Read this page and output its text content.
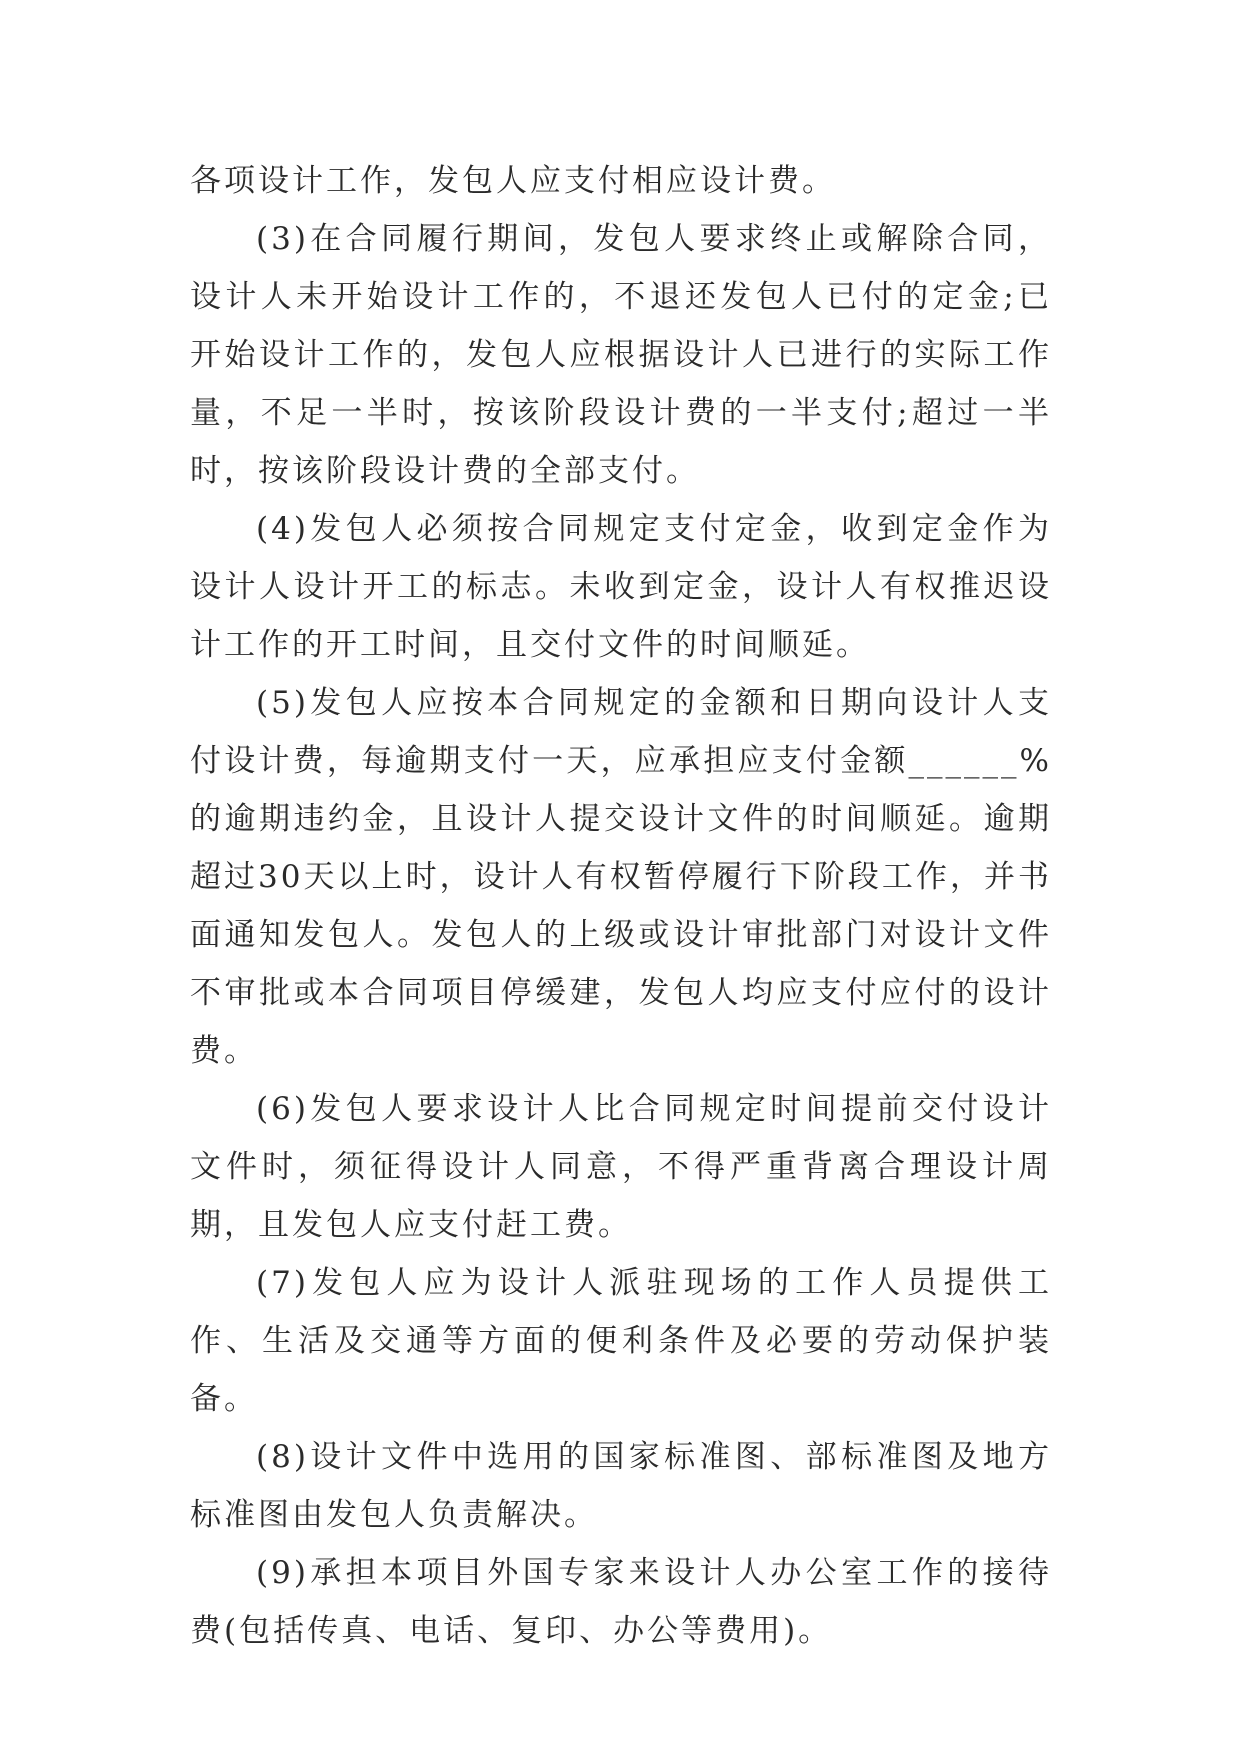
各项设计工作，发包人应支付相应设计费。

(3)在合同履行期间，发包人要求终止或解除合同，设计人未开始设计工作的，不退还发包人已付的定金;已开始设计工作的，发包人应根据设计人已进行的实际工作量，不足一半时，按该阶段设计费的一半支付;超过一半时，按该阶段设计费的全部支付。

(4)发包人必须按合同规定支付定金，收到定金作为设计人设计开工的标志。未收到定金，设计人有权推迟设计工作的开工时间，且交付文件的时间顺延。

(5)发包人应按本合同规定的金额和日期向设计人支付设计费，每逾期支付一天，应承担应支付金额______%的逾期违约金，且设计人提交设计文件的时间顺延。逾期超过30天以上时，设计人有权暂停履行下阶段工作，并书面通知发包人。发包人的上级或设计审批部门对设计文件不审批或本合同项目停缓建，发包人均应支付应付的设计费。

(6)发包人要求设计人比合同规定时间提前交付设计文件时，须征得设计人同意，不得严重背离合理设计周期，且发包人应支付赶工费。

(7)发包人应为设计人派驻现场的工作人员提供工作、生活及交通等方面的便利条件及必要的劳动保护装备。

(8)设计文件中选用的国家标准图、部标准图及地方标准图由发包人负责解决。

(9)承担本项目外国专家来设计人办公室工作的接待费(包括传真、电话、复印、办公等费用)。
